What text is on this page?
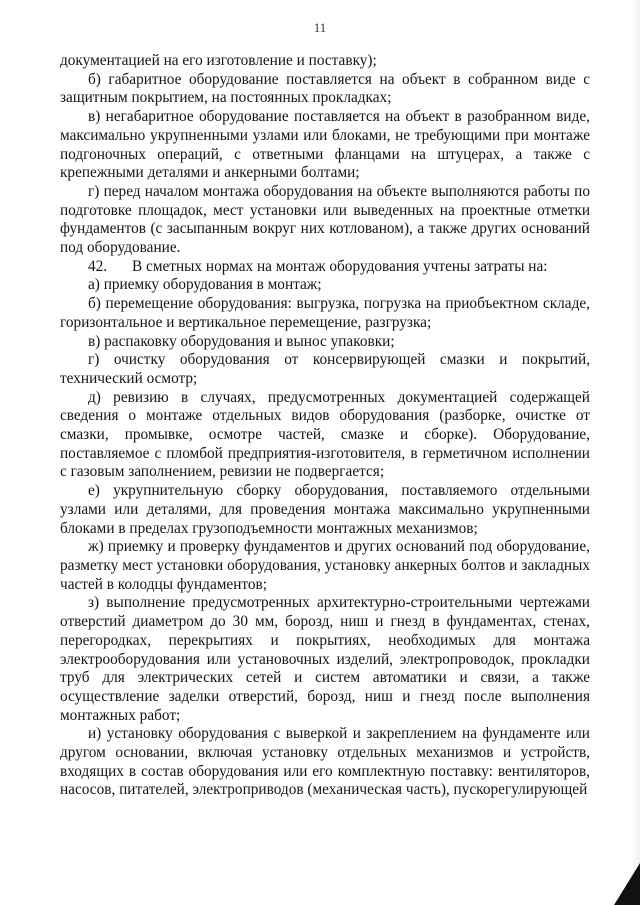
11

документацией на его изготовление и поставку);

б) габаритное оборудование поставляется на объект в собранном виде с защитным покрытием, на постоянных прокладках;

в) негабаритное оборудование поставляется на объект в разобранном виде, максимально укрупненными узлами или блоками, не требующими при монтаже подгоночных операций, с ответными фланцами на штуцерах, а также с крепежными деталями и анкерными болтами;

г) перед началом монтажа оборудования на объекте выполняются работы по подготовке площадок, мест установки или выведенных на проектные отметки фундаментов (с засыпанным вокруг них котлованом), а также других оснований под оборудование.

42. В сметных нормах на монтаж оборудования учтены затраты на:

а) приемку оборудования в монтаж;

б) перемещение оборудования: выгрузка, погрузка на приобъектном складе, горизонтальное и вертикальное перемещение, разгрузка;

в) распаковку оборудования и вынос упаковки;

г) очистку оборудования от консервирующей смазки и покрытий, технический осмотр;

д) ревизию в случаях, предусмотренных документацией содержащей сведения о монтаже отдельных видов оборудования (разборке, очистке от смазки, промывке, осмотре частей, смазке и сборке). Оборудование, поставляемое с пломбой предприятия-изготовителя, в герметичном исполнении с газовым заполнением, ревизии не подвергается;

е) укрупнительную сборку оборудования, поставляемого отдельными узлами или деталями, для проведения монтажа максимально укрупненными блоками в пределах грузоподъемности монтажных механизмов;

ж) приемку и проверку фундаментов и других оснований под оборудование, разметку мест установки оборудования, установку анкерных болтов и закладных частей в колодцы фундаментов;

з) выполнение предусмотренных архитектурно-строительными чертежами отверстий диаметром до 30 мм, борозд, ниш и гнезд в фундаментах, стенах, перегородках, перекрытиях и покрытиях, необходимых для монтажа электрооборудования или установочных изделий, электропроводок, прокладки труб для электрических сетей и систем автоматики и связи, а также осуществление заделки отверстий, борозд, ниш и гнезд после выполнения монтажных работ;

и) установку оборудования с выверкой и закреплением на фундаменте или другом основании, включая установку отдельных механизмов и устройств, входящих в состав оборудования или его комплектную поставку: вентиляторов, насосов, питателей, электроприводов (механическая часть), пускорегулирующей
